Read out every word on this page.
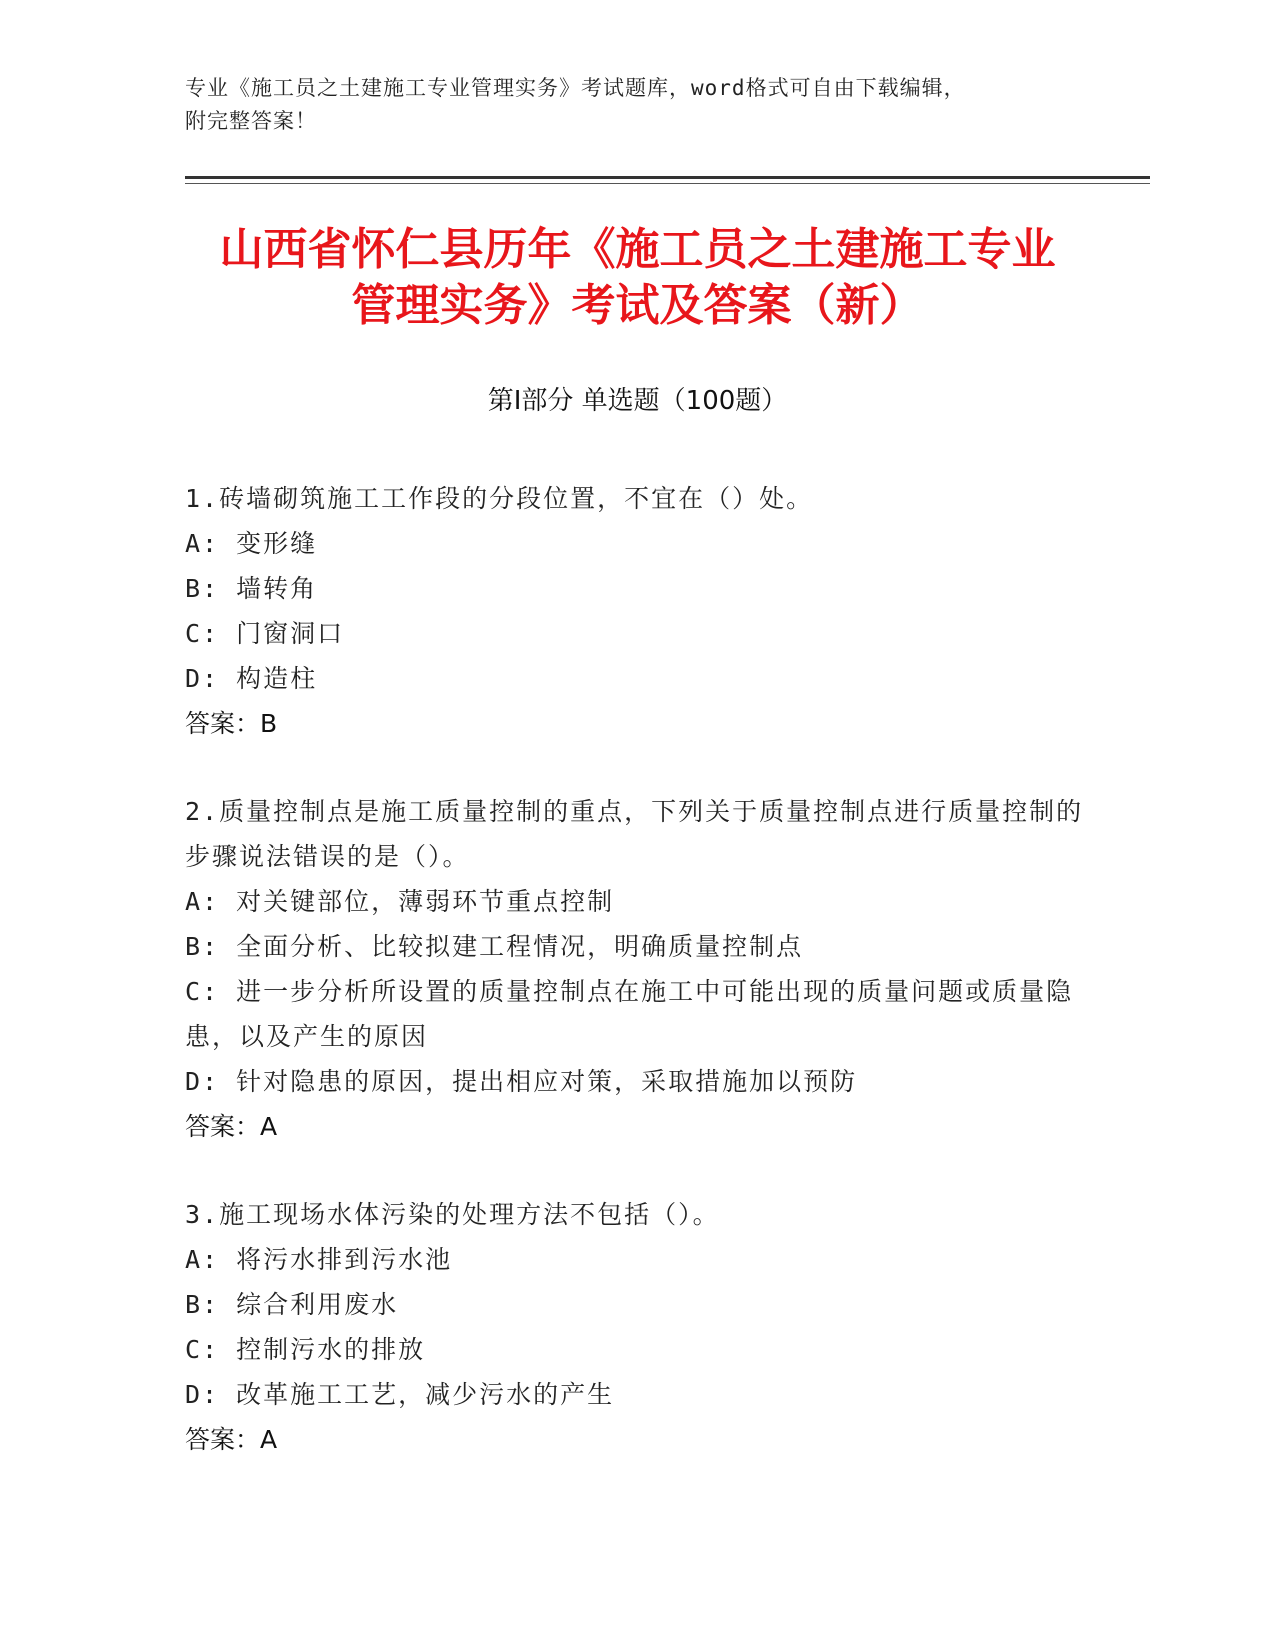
专业《施工员之土建施工专业管理实务》考试题库，word格式可自由下载编辑，
附完整答案！
山西省怀仁县历年《施工员之土建施工专业
管理实务》考试及答案（新）
第Ⅰ部分 单选题（100题）

1.砖墙砌筑施工工作段的分段位置，不宜在（）处。

A: 变形缝

B: 墙转角

C: 门窗洞口

D: 构造柱

答案：B

2.质量控制点是施工质量控制的重点，下列关于质量控制点进行质量控制的步骤说法错误的是（）。

A: 对关键部位，薄弱环节重点控制

B: 全面分析、比较拟建工程情况，明确质量控制点

C: 进一步分析所设置的质量控制点在施工中可能出现的质量问题或质量隐患，以及产生的原因

D: 针对隐患的原因，提出相应对策，采取措施加以预防

答案：A

3.施工现场水体污染的处理方法不包括（）。

A: 将污水排到污水池

B: 综合利用废水

C: 控制污水的排放

D: 改革施工工艺，减少污水的产生

答案：A
